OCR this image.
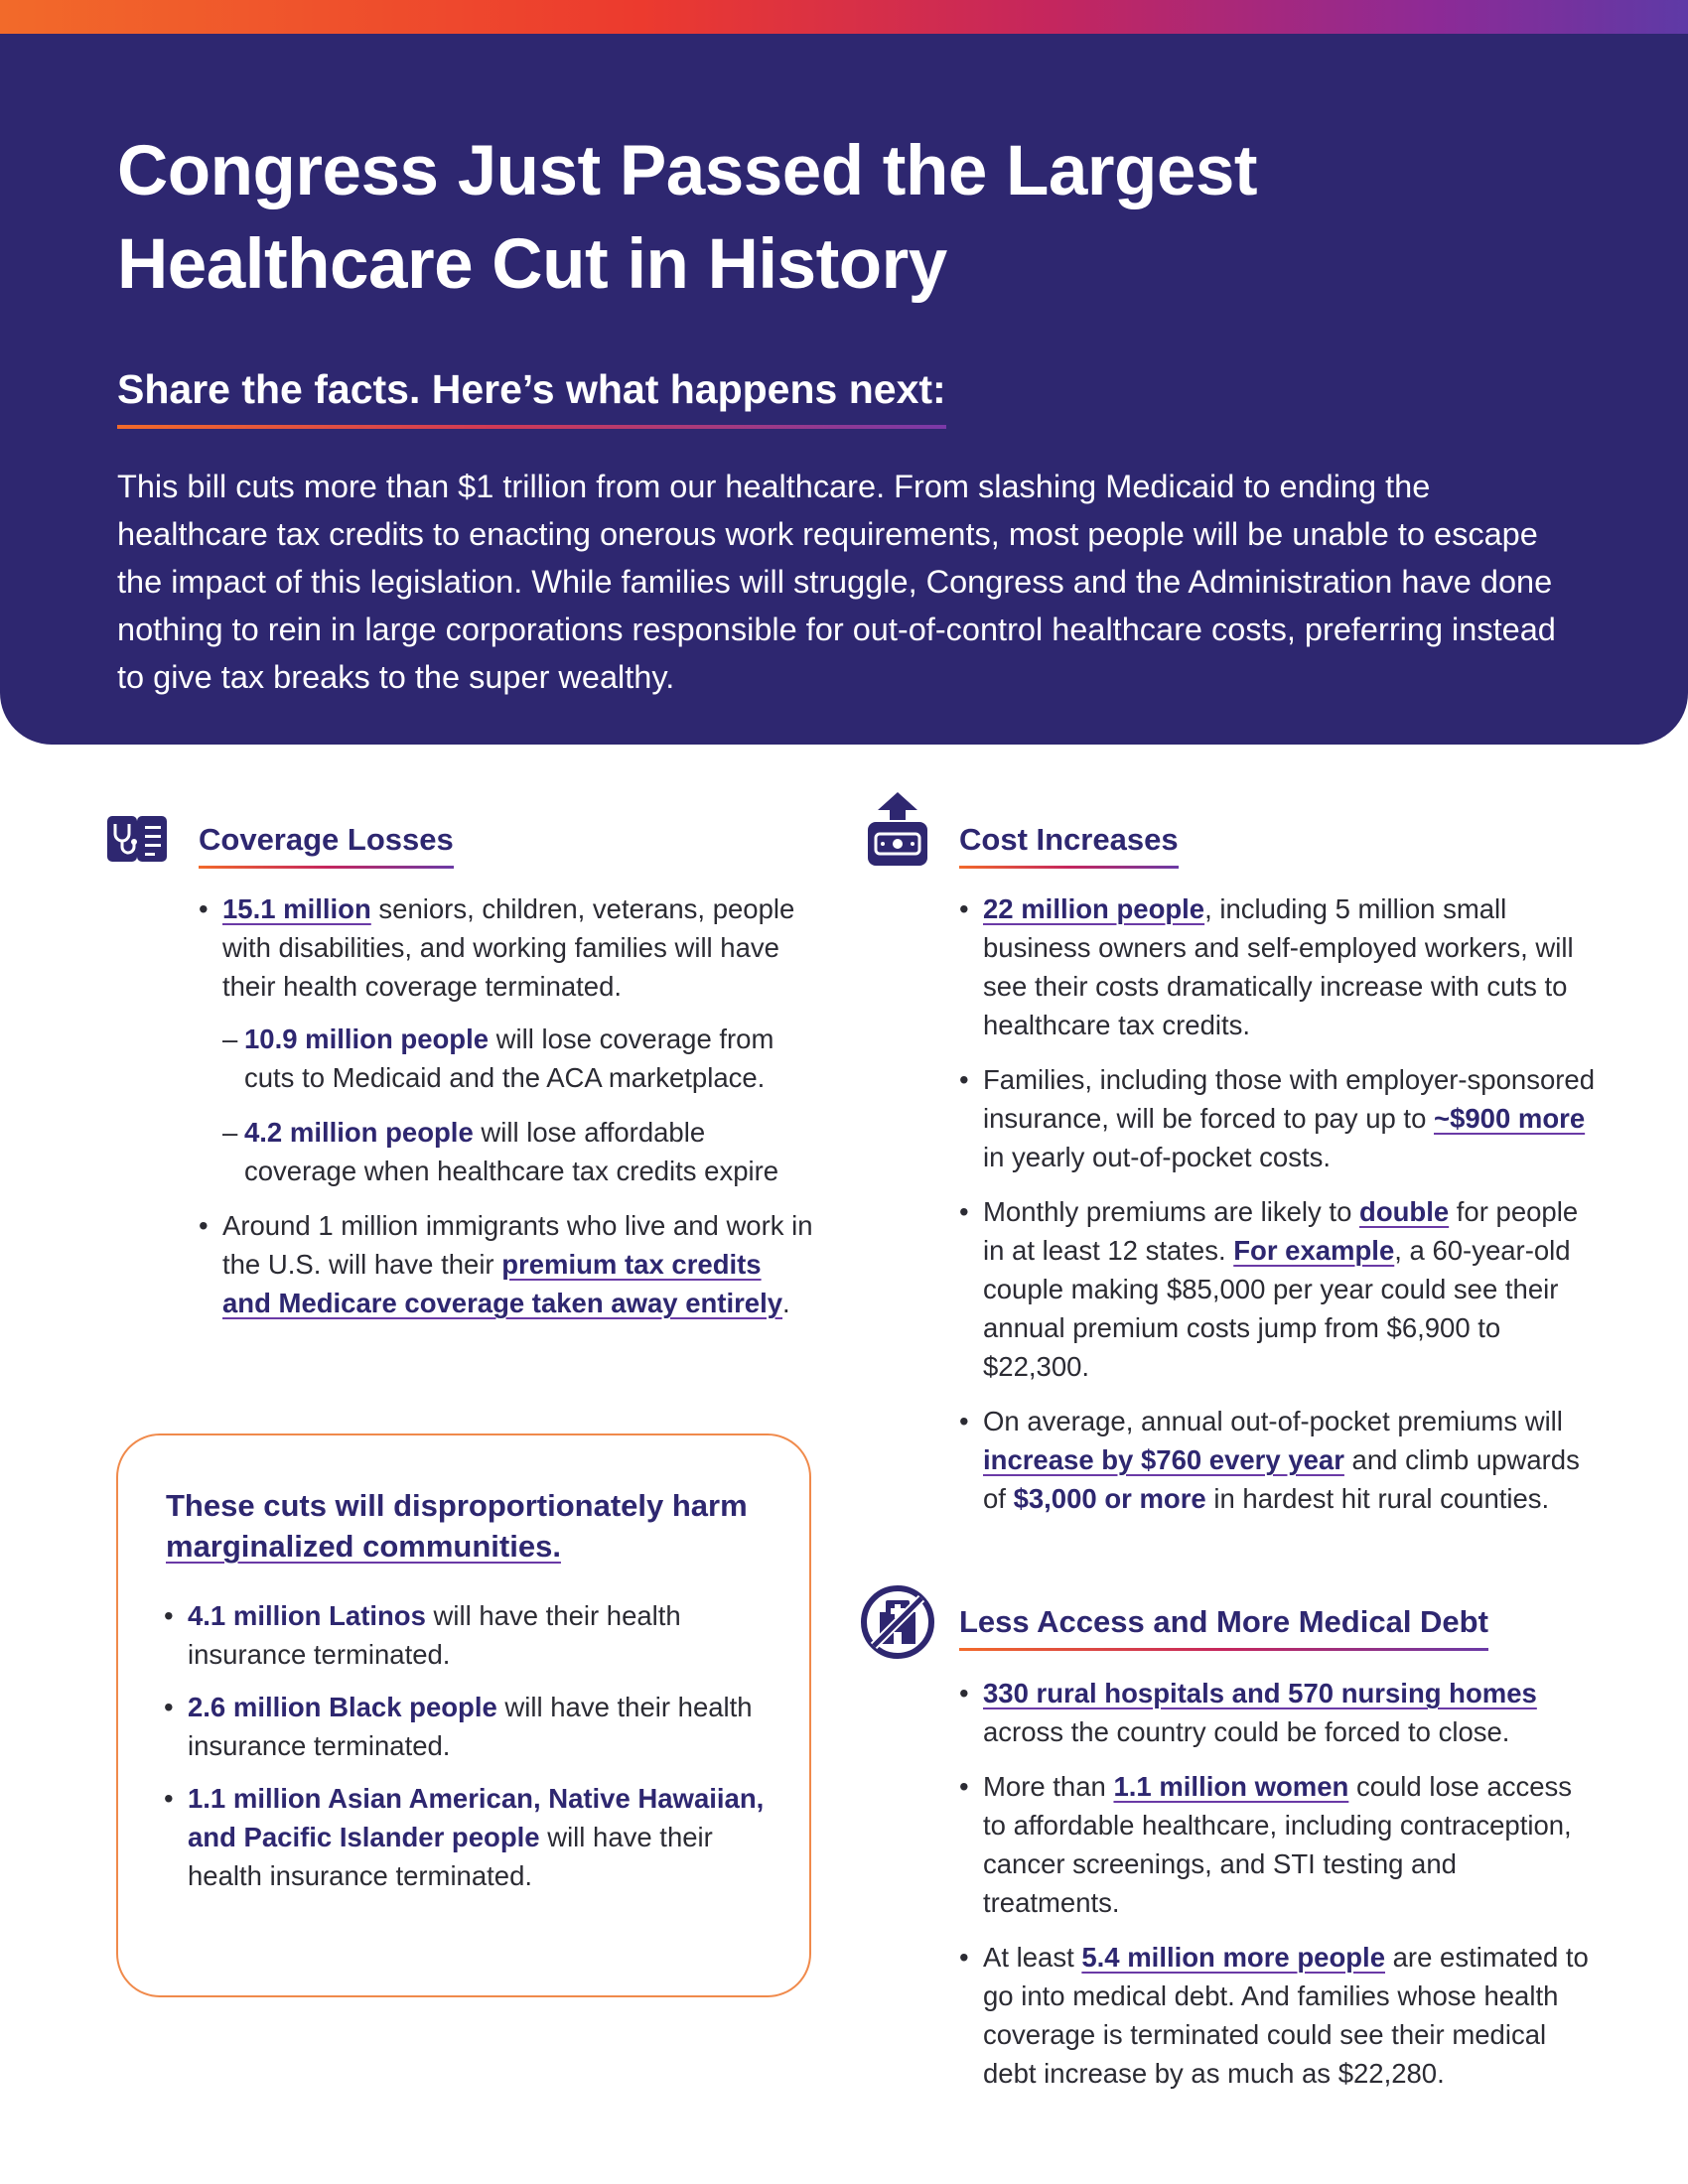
Congress Just Passed the Largest
Healthcare Cut in History
Share the facts. Here’s what happens next:

This bill cuts more than $1 trillion from our healthcare. From slashing Medicaid to ending the healthcare tax credits to enacting onerous work requirements, most people will be unable to escape the impact of this legislation. While families will struggle, Congress and the Administration have done nothing to rein in large corporations responsible for out-of-control healthcare costs, preferring instead to give tax breaks to the super wealthy.

Coverage Losses
• 15.1 million seniors, children, veterans, people with disabilities, and working families will have their health coverage terminated.
– 10.9 million people will lose coverage from cuts to Medicaid and the ACA marketplace.
– 4.2 million people will lose affordable coverage when healthcare tax credits expire
• Around 1 million immigrants who live and work in the U.S. will have their premium tax credits and Medicare coverage taken away entirely.
These cuts will disproportionately harm marginalized communities.
• 4.1 million Latinos will have their health insurance terminated.
• 2.6 million Black people will have their health insurance terminated.
• 1.1 million Asian American, Native Hawaiian, and Pacific Islander people will have their health insurance terminated.
Cost Increases
• 22 million people, including 5 million small business owners and self-employed workers, will see their costs dramatically increase with cuts to healthcare tax credits.
• Families, including those with employer-sponsored insurance, will be forced to pay up to ~$900 more in yearly out-of-pocket costs.
• Monthly premiums are likely to double for people in at least 12 states. For example, a 60-year-old couple making $85,000 per year could see their annual premium costs jump from $6,900 to $22,300.
• On average, annual out-of-pocket premiums will increase by $760 every year and climb upwards of $3,000 or more in hardest hit rural counties.
Less Access and More Medical Debt
• 330 rural hospitals and 570 nursing homes across the country could be forced to close.
• More than 1.1 million women could lose access to affordable healthcare, including contraception, cancer screenings, and STI testing and treatments.
• At least 5.4 million more people are estimated to go into medical debt. And families whose health coverage is terminated could see their medical debt increase by as much as $22,280.
